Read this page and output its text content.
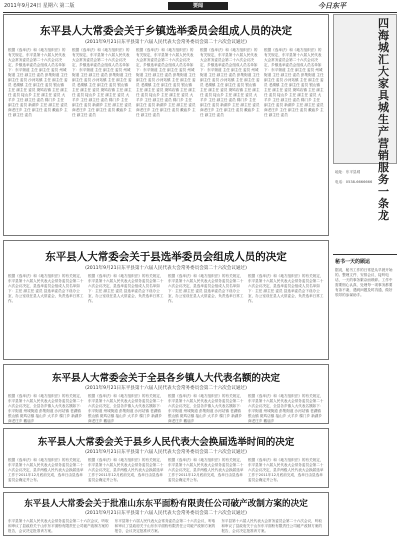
2011年9月24日 星期六 第二版	要闻	今日东平
东平县人大常委会关于乡镇选举委员会组成人员的决定
(2011年9月21日东平县第十六届人民代表大会常务委员会第二十六次会议通过)
根据《选举法》和《地方组织法》的有关规定，东平县第十六届人民代表大会常务委员会第二十六次会议决定，乡镇选举委员会组成人员名单如下：东平街道 主任 副主任 委员 州城街道 主任 副主任 委员 彭集街道 主任 副主任 委员 沙河站镇 主任 副主任 委员 老湖镇 主任 副主任 委员 银山镇 主任 副主任 委员 斑鸠店镇 主任 副主任 委员 接山乡 主任 副主任 委员 大羊乡 主任 副主任 委员 梯门乡 主任 副主任 委员 新湖乡 主任 副主任 委员 商老庄乡 主任 副主任 委员 戴庙乡 主任 副主任 委员
根据《选举法》和《地方组织法》的有关规定，东平县第十六届人民代表大会常务委员会第二十六次会议决定，乡镇选举委员会组成人员名单如下：东平街道 主任 副主任 委员 州城街道 主任 副主任 委员 彭集街道 主任 副主任 委员 沙河站镇 主任 副主任 委员 老湖镇 主任 副主任 委员 银山镇 主任 副主任 委员 斑鸠店镇 主任 副主任 委员 接山乡 主任 副主任 委员 大羊乡 主任 副主任 委员 梯门乡 主任 副主任 委员 新湖乡 主任 副主任 委员 商老庄乡 主任 副主任 委员 戴庙乡 主任 副主任 委员
根据《选举法》和《地方组织法》的有关规定，东平县第十六届人民代表大会常务委员会第二十六次会议决定，乡镇选举委员会组成人员名单如下：东平街道 主任 副主任 委员 州城街道 主任 副主任 委员 彭集街道 主任 副主任 委员 沙河站镇 主任 副主任 委员 老湖镇 主任 副主任 委员 银山镇 主任 副主任 委员 斑鸠店镇 主任 副主任 委员 接山乡 主任 副主任 委员 大羊乡 主任 副主任 委员 梯门乡 主任 副主任 委员 新湖乡 主任 副主任 委员 商老庄乡 主任 副主任 委员 戴庙乡 主任 副主任 委员
根据《选举法》和《地方组织法》的有关规定，东平县第十六届人民代表大会常务委员会第二十六次会议决定，乡镇选举委员会组成人员名单如下：东平街道 主任 副主任 委员 州城街道 主任 副主任 委员 彭集街道 主任 副主任 委员 沙河站镇 主任 副主任 委员 老湖镇 主任 副主任 委员 银山镇 主任 副主任 委员 斑鸠店镇 主任 副主任 委员 接山乡 主任 副主任 委员 大羊乡 主任 副主任 委员 梯门乡 主任 副主任 委员 新湖乡 主任 副主任 委员 商老庄乡 主任 副主任 委员 戴庙乡 主任 副主任 委员
根据《选举法》和《地方组织法》的有关规定，东平县第十六届人民代表大会常务委员会第二十六次会议决定，乡镇选举委员会组成人员名单如下：东平街道 主任 副主任 委员 州城街道 主任 副主任 委员 彭集街道 主任 副主任 委员 沙河站镇 主任 副主任 委员 老湖镇 主任 副主任 委员 银山镇 主任 副主任 委员 斑鸠店镇 主任 副主任 委员 接山乡 主任 副主任 委员 大羊乡 主任 副主任 委员 梯门乡 主任 副主任 委员 新湖乡 主任 副主任 委员 商老庄乡 主任 副主任 委员 戴庙乡 主任 副主任 委员
东平县人大常委会关于县选举委员会组成人员的决定
(2011年9月21日东平县第十六届人民代表大会常务委员会第二十六次会议通过)
根据《选举法》和《地方组织法》的有关规定，东平县第十六届人民代表大会常务委员会第二十六次会议决定，县选举委员会组成人员名单如下：主任 副主任 委员 县选举委员会下设办公室，办公室设在县人大常委会，负责选举日常工作。
根据《选举法》和《地方组织法》的有关规定，东平县第十六届人民代表大会常务委员会第二十六次会议决定，县选举委员会组成人员名单如下：主任 副主任 委员 县选举委员会下设办公室，办公室设在县人大常委会，负责选举日常工作。
根据《选举法》和《地方组织法》的有关规定，东平县第十六届人民代表大会常务委员会第二十六次会议决定，县选举委员会组成人员名单如下：主任 副主任 委员 县选举委员会下设办公室，办公室设在县人大常委会，负责选举日常工作。
根据《选举法》和《地方组织法》的有关规定，东平县第十六届人民代表大会常务委员会第二十六次会议决定，县选举委员会组成人员名单如下：主任 副主任 委员 县选举委员会下设办公室，办公室设在县人大常委会，负责选举日常工作。
东平县人大常委会关于全县各乡镇人大代表名额的决定
(2011年9月21日东平县第十六届人民代表大会常务委员会第二十六次会议通过)
根据《选举法》和《地方组织法》的有关规定，东平县第十六届人民代表大会常务委员会第二十六次会议决定，全县各乡镇人大代表名额如下：东平街道 州城街道 彭集街道 沙河站镇 老湖镇 银山镇 斑鸠店镇 接山乡 大羊乡 梯门乡 新湖乡 商老庄乡 戴庙乡
根据《选举法》和《地方组织法》的有关规定，东平县第十六届人民代表大会常务委员会第二十六次会议决定，全县各乡镇人大代表名额如下：东平街道 州城街道 彭集街道 沙河站镇 老湖镇 银山镇 斑鸠店镇 接山乡 大羊乡 梯门乡 新湖乡 商老庄乡 戴庙乡
根据《选举法》和《地方组织法》的有关规定，东平县第十六届人民代表大会常务委员会第二十六次会议决定，全县各乡镇人大代表名额如下：东平街道 州城街道 彭集街道 沙河站镇 老湖镇 银山镇 斑鸠店镇 接山乡 大羊乡 梯门乡 新湖乡 商老庄乡 戴庙乡
根据《选举法》和《地方组织法》的有关规定，东平县第十六届人民代表大会常务委员会第二十六次会议决定，全县各乡镇人大代表名额如下：东平街道 州城街道 彭集街道 沙河站镇 老湖镇 银山镇 斑鸠店镇 接山乡 大羊乡 梯门乡 新湖乡 商老庄乡 戴庙乡
东平县人大常委会关于县乡人民代表大会换届选举时间的决定
(2011年9月21日东平县第十六届人民代表大会常务委员会第二十六次会议通过)
根据《选举法》和《地方组织法》的有关规定，东平县第十六届人民代表大会常务委员会第二十六次会议决定，县乡两级人民代表大会换届选举工作于2011年12月底前完成，选举日由县选举委员会确定并公布。
根据《选举法》和《地方组织法》的有关规定，东平县第十六届人民代表大会常务委员会第二十六次会议决定，县乡两级人民代表大会换届选举工作于2011年12月底前完成，选举日由县选举委员会确定并公布。
根据《选举法》和《地方组织法》的有关规定，东平县第十六届人民代表大会常务委员会第二十六次会议决定，县乡两级人民代表大会换届选举工作于2011年12月底前完成，选举日由县选举委员会确定并公布。
根据《选举法》和《地方组织法》的有关规定，东平县第十六届人民代表大会常务委员会第二十六次会议决定，县乡两级人民代表大会换届选举工作于2011年12月底前完成，选举日由县选举委员会确定并公布。
东平县人大常委会关于批准山东东平面粉有限责任公司破产改制方案的决定
(2011年9月21日东平县第十六届人民代表大会常务委员会第二十六次会议通过)
东平县第十六届人民代表大会常务委员会第二十六次会议，听取和审议了县政府关于山东东平面粉有限责任公司破产改制方案的报告，会议决定批准该方案。
东平县第十六届人民代表大会常务委员会第二十六次会议，听取和审议了县政府关于山东东平面粉有限责任公司破产改制方案的报告，会议决定批准该方案。
东平县第十六届人民代表大会常务委员会第二十六次会议，听取和审议了县政府关于山东东平面粉有限责任公司破产改制方案的报告，会议决定批准该方案。
四海城汇大家具城生产营销服务一条龙
地址：东平县城
电话：0538-6666666
秘书一天的顾运
据说，秘书工作的日常是从早晨开始的。整理文件、安排会议、接听电话，一天的事务繁杂而琐碎。工作中需要细心认真，处理每一项事务都要有条不紊，遇到问题及时沟通，做好领导的参谋助手。
